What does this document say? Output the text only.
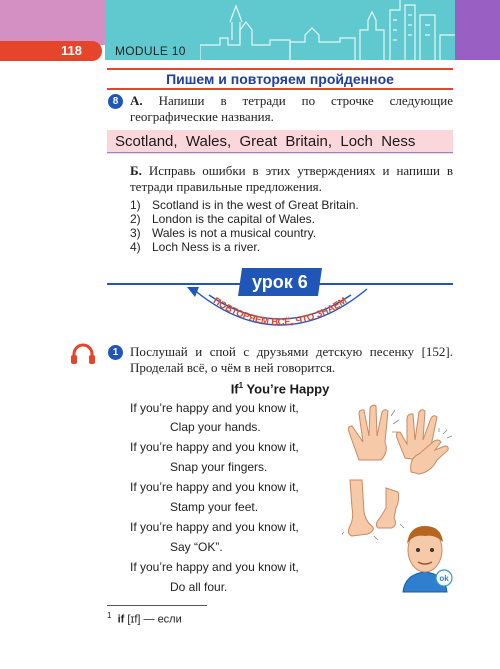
118	MODULE 10
Пишем и повторяем пройденное
8 А. Напиши в тетради по строчке следующие географические названия.
Scotland,  Wales,  Great  Britain,  Loch  Ness
Б. Исправь ошибки в этих утверждениях и напиши в тетради правильные предложения.
1) Scotland is in the west of Great Britain.
2) London is the capital of Wales.
3) Wales is not a musical country.
4) Loch Ness is a river.
урок 6
ПОВТОРЯЕМ ВСЁ, ЧТО ЗНАЕМ
1 Послушай и спой с друзьями детскую песенку [152]. Проделай всё, о чём в ней говорится.
If$^1$ You’re Happy
If you’re happy and you know it,
Clap your hands.
If you’re happy and you know it,
Snap your fingers.
If you’re happy and you know it,
Stamp your feet.
If you’re happy and you know it,
Say “OK”.
If you’re happy and you know it,
Do all four.
ok
$^1$ if [ɪf] — если
